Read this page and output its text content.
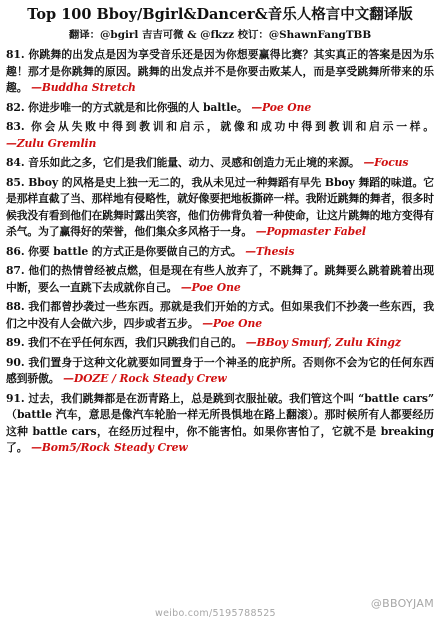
Top 100 Bboy/Bgirl&Dancer&音乐人格言中文翻译版
翻译：@bgirl 吉吉可微 & @fkzz 校订：@ShawnFangTBB
81. 你跳舞的出发点是因为享受音乐还是因为你想要赢得比赛？其实真正的答案是因为乐趣！那才是你跳舞的原因。跳舞的出发点并不是你要击败某人，而是享受跳舞所带来的乐趣。 —Buddha Stretch
82. 你进步唯一的方式就是和比你强的人 baltle。 —Poe One
83. 你会从失败中得到教训和启示，就像和成功中得到教训和启示一样。 —Zulu Gremlin
84. 音乐如此之多，它们是我们能量、动力、灵感和创造力无止境的来源。 —Focus
85. Bboy 的风格是史上独一无二的，我从未见过一种舞蹈有早先 Bboy 舞蹈的味道。它是那样直截了当、那样地有侵略性，就好像要把地板撕碎一样。我附近跳舞的舞者，很多时候我没有看到他们在跳舞时露出笑容，他们仿佛背负着一种使命，让这片跳舞的地方变得有杀气。为了赢得好的荣誉，他们集众多风格于一身。 —Popmaster Fabel
86. 你要 battle 的方式正是你要做自己的方式。 —Thesis
87. 他们的热情曾经被点燃，但是现在有些人放弃了，不跳舞了。跳舞要么跳着跳着出现中断，要么一直跳下去成就你自己。 —Poe One
88. 我们都曾抄袭过一些东西。那就是我们开始的方式。但如果我们不抄袭一些东西，我们之中没有人会做六步，四步或者五步。 —Poe One
89. 我们不在乎任何东西，我们只跳我们自己的。 —BBoy Smurf, Zulu Kingz
90. 我们置身于这种文化就要如同置身于一个神圣的庇护所。否则你不会为它的任何东西感到骄傲。 —DOZE / Rock Steady Crew
91. 过去，我们跳舞都是在沥青路上，总是跳到衣服扯破。我们管这个叫 “battle cars” （battle 汽车，意思是像汽车轮胎一样无所畏惧地在路上翻滚）。那时候所有人都要经历这种 battle cars，在经历过程中，你不能害怕。如果你害怕了，它就不是 breaking 了。 —Bom5/Rock Steady Crew
weibo.com/5195788525
@BBOYJAM
